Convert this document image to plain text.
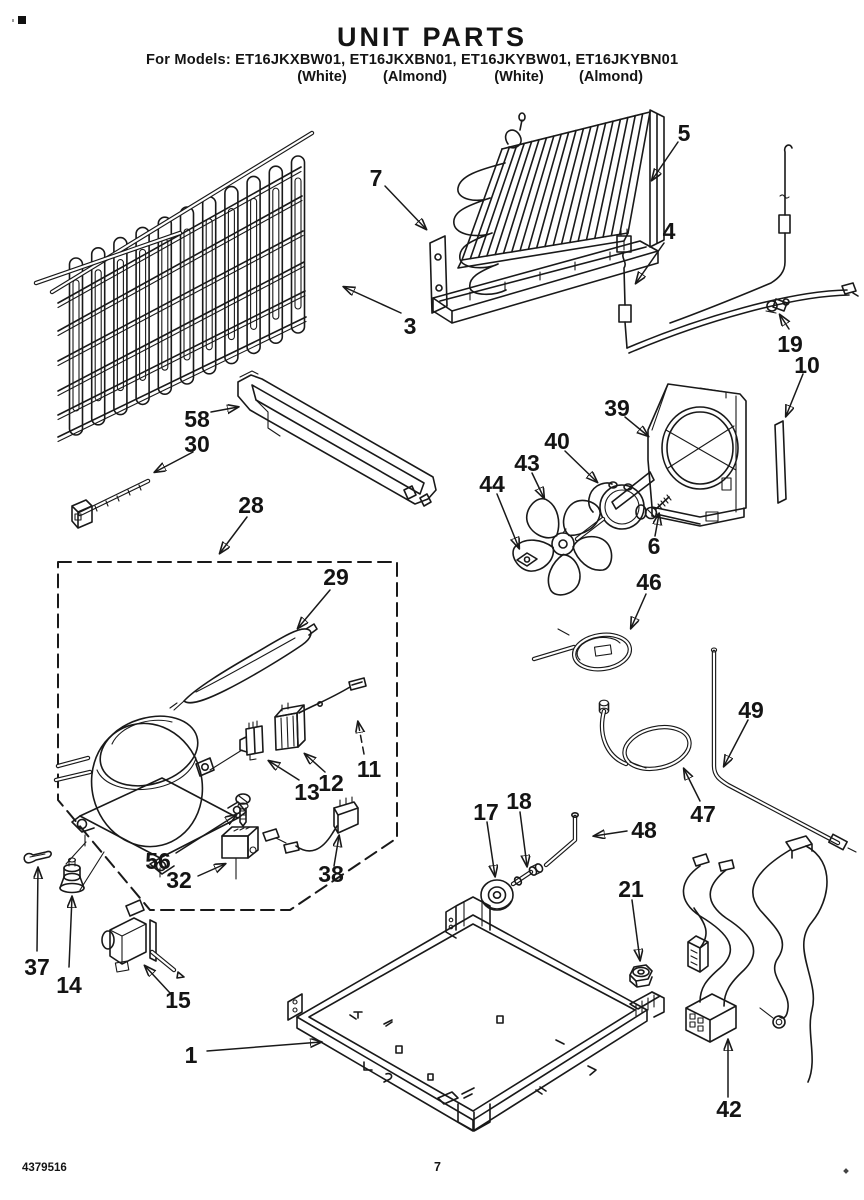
UNIT PARTS
For Models: ET16JKXBW01, ET16JKXBN01, ET16JKYBW01, ET16JKYBN01
(White) (Almond)	(White) (Almond)
7
5
4
19
10
3
58
30
28
29
39
40
43
44
6
46
49
47
48
17 18
21
1
42
37
14
15
56
32	38
13
12
11
4379516	7
